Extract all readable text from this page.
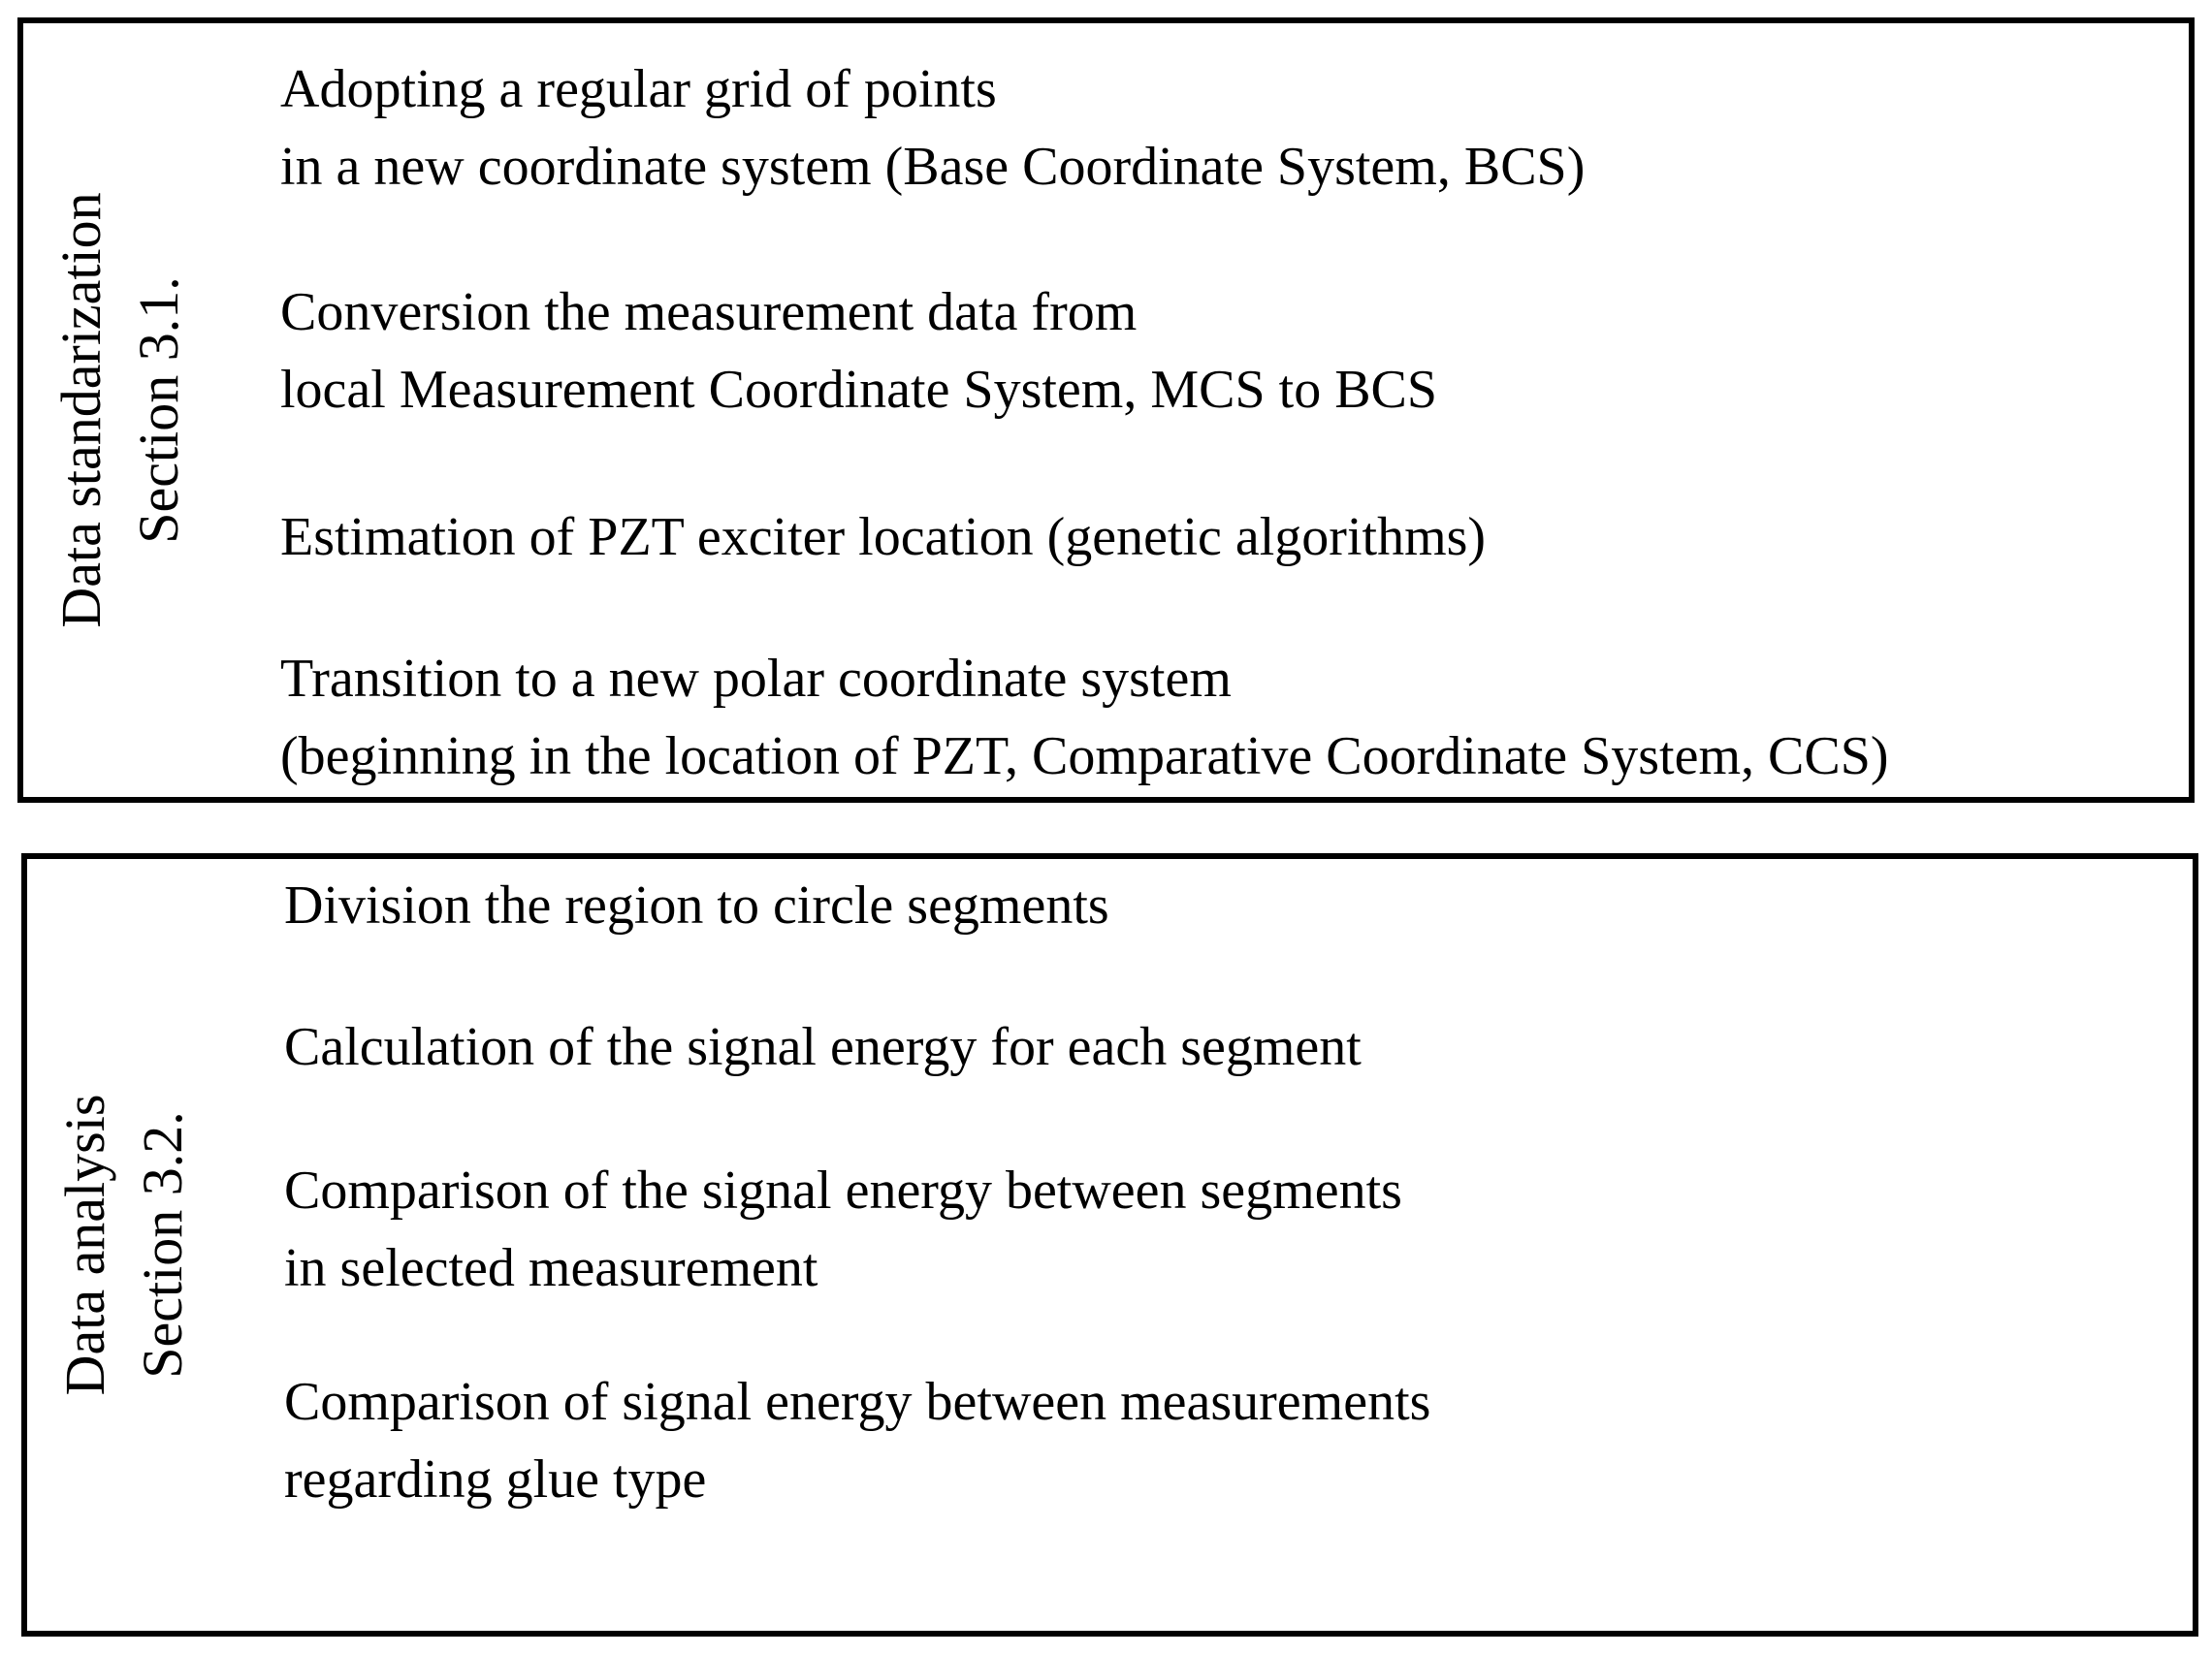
Data standarization Section 3.1.
Adopting a regular grid of points
in a new coordinate system (Base Coordinate System, BCS)
Conversion the measurement data from
local Measurement Coordinate System, MCS to BCS
Estimation of PZT exciter location (genetic algorithms)
Transition to a new polar coordinate system
(beginning in the location of PZT, Comparative Coordinate System, CCS)
Data analysis Section 3.2.
Division the region to circle segments
Calculation of the signal energy for each segment
Comparison of the signal energy between segments
in selected measurement
Comparison of signal energy between measurements
regarding glue type
